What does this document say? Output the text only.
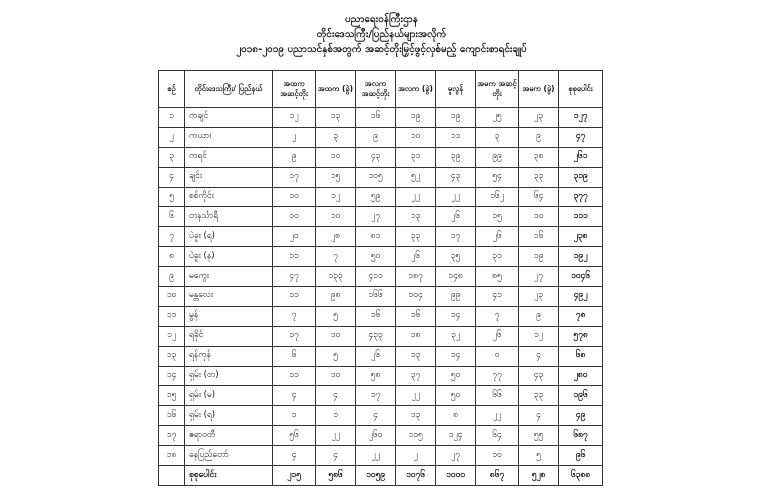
ပညာရေးဝန်ကြီးဌာန
တိုင်းဒေသကြီး/ပြည်နယ်များအလိုက်
၂၀၁၈-၂၀၁၉ ပညာသင်နှစ်အတွက် အဆင့်တိုးမြှင့်ဖွင့်လှစ်မည့် ကျောင်းစာရင်းချုပ်
စဉ်	တိုင်းဒေသကြီး/ ပြည်နယ်	အထက အဆင့်တိုး	အထက (ခွဲ)	အလက အဆင့်တိုး	အလက (ခွဲ)	မူလွန်	အမက အဆင့်တိုး	အမက (ခွဲ)	စုစုပေါင်း
၁	ကချင်	၁၂	၁၃	၁၆	၁၉	၁၉	၂၅	၂၃	၁၂၇
၂	ကယား	၂	၃	၉	၁၀	၁၁	၃	၉	၄၇
၃	ကရင်	၉	၁၀	၄၃	၃၁	၃၉	၉၉	၃၈	၂၆၁
၄	ချင်း	၁၇	၁၅	၁၀၅	၅၂	၄၃	၅၄	၃၃	၃၁၉
၅	စစ်ကိုင်း	၁၀	၁၂	၅၉	၂၂	၂၂	၁၆၂	၆၄	၃၇၇
၆	တနင်္သာရီ	၁၀	၁၀	၂၇	၁၃	၂၆	၁၅	၁၀	၁၁၁
၇	ပဲခူး (ရ)	၂၀	၂၈	၈၁	၃၃	၁၇	၂၆	၁၆	၂၃၈
၈	ပဲခူး (န)	၁၁	၇	၅၀	၂၆	၃၅	၃၁	၁၉	၁၉၂
၉	မကွေး	၄၇	၁၃၃	၄၁၁	၁၈၇	၁၄၈	၈၅	၂၇	၁၀၄၆
၁၀	မန္တလေး	၁၁	၉၈	၁၆၆	၁၀၄	၉၉	၄၁	၂၃	၄၉၂
၁၁	မွန်	၇	၅	၁၆	၁၆	၁၄	၇	၉	၇၈
၁၂	ရခိုင်	၁၇	၁၀	၄၃၃	၁၈	၃၂	၂၆	၁၂	၅၇၈
၁၃	ရန်ကုန်	၆	၅	၂၆	၁၃	၁၄	၀	၄	၆၈
၁၄	ရှမ်း (တ)	၁၁	၁၀	၅၈	၃၇	၅၀	၇၇	၄၃	၂၈၀
၁၅	ရှမ်း (မ)	၄	၄	၁၇	၂၂	၅၀	၆၆	၃၃	၁၉၆
၁၆	ရှမ်း (ရ)	၁	၁	၄	၁၃	၈	၂၂	၄	၄၉
၁၇	ဧရာဝတီ	၅၆	၂၂	၂၆၀	၁၁၅	၁၂၄	၆၄	၅၅	၆၈၇
၁၈	နေပြည်တော်	၄	၄	၂၂	၂	၂၇	၁၀	၅	၉၆
	စုစုပေါင်း	၂၁၅	၅၈၆	၁၀၅၉	၁၀၇၆	၁၀၀၀	၈၆၇	၅၂၈	၆၃၈၈
